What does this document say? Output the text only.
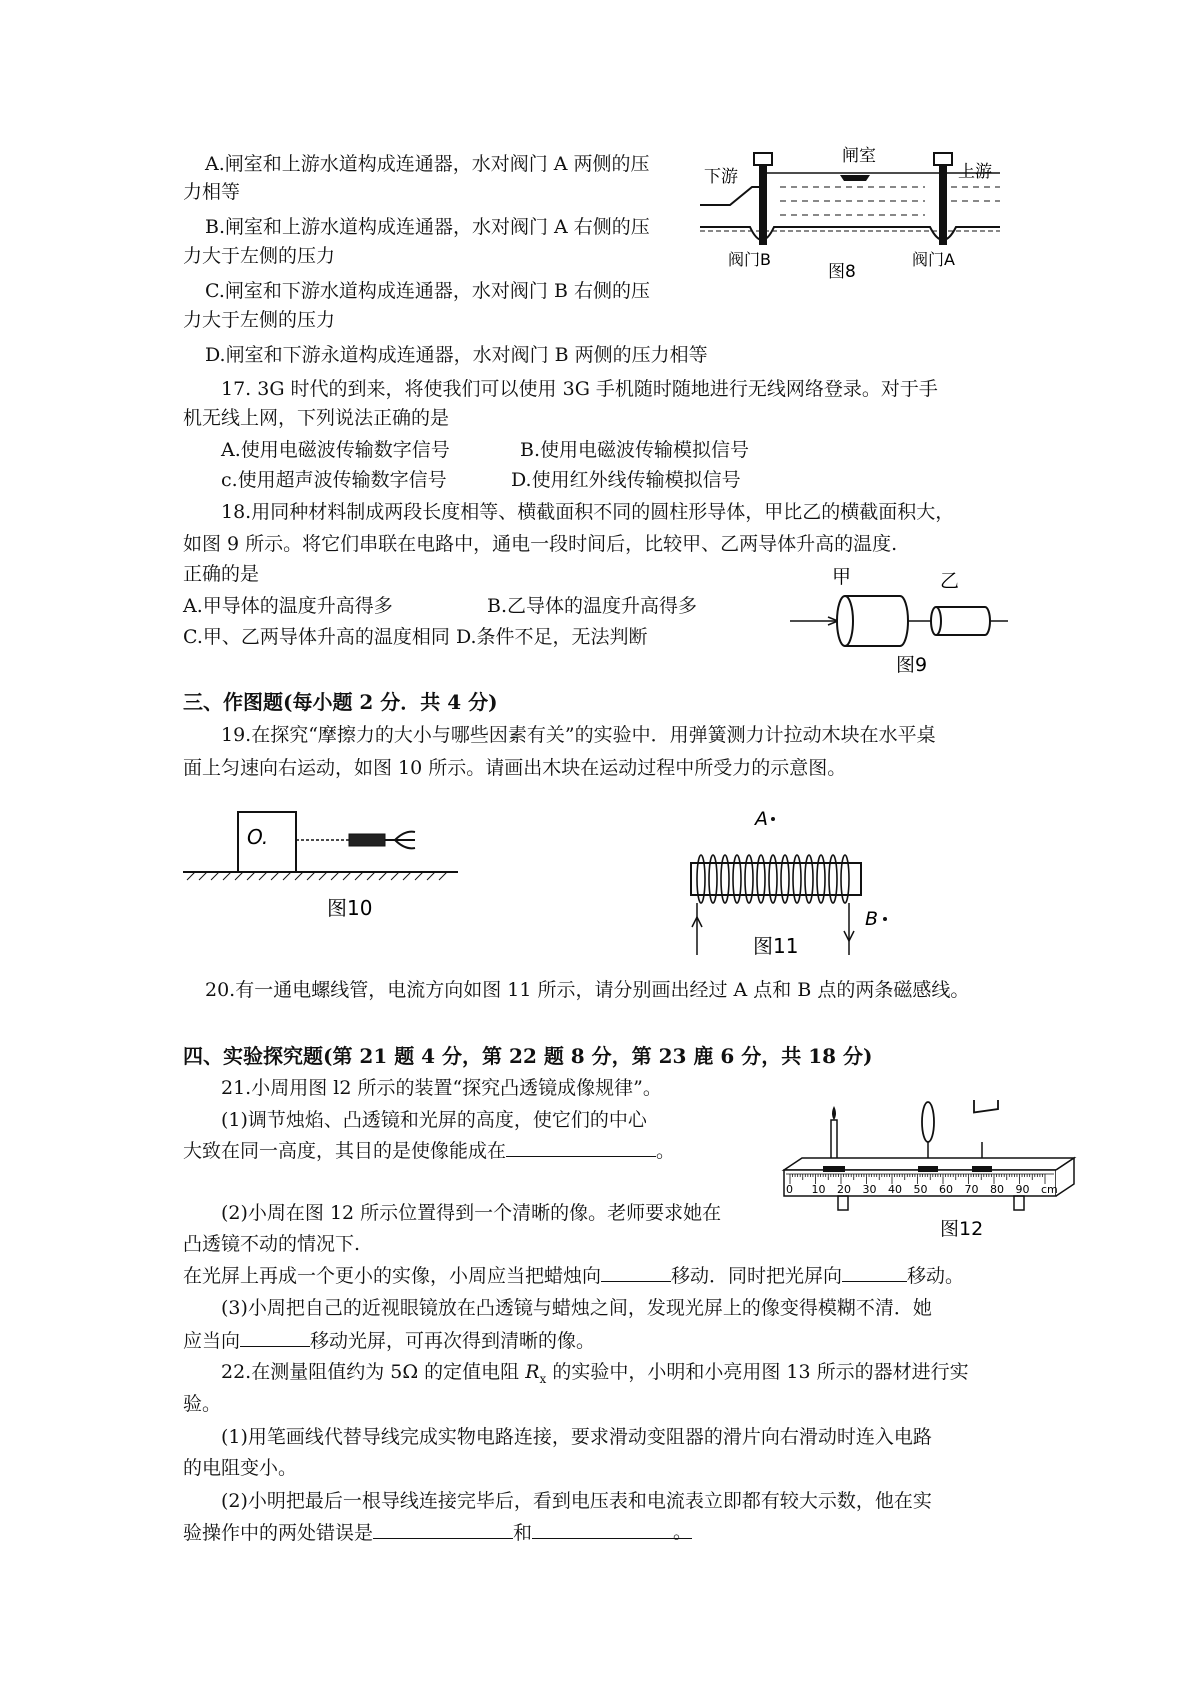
A.闸室和上游水道构成连通器，水对阀门 A 两侧的压
力相等
B.闸室和上游水道构成连通器，水对阀门 A 右侧的压
力大于左侧的压力
C.闸室和下游水道构成连通器，水对阀门 B 右侧的压
力大于左侧的压力
D.闸室和下游永道构成连通器，水对阀门 B 两侧的压力相等
闸室
下游	上游
阀门B
图8
阀门A
17. 3G 时代的到来，将使我们可以使用 3G 手机随时随地进行无线网络登录。对于手
机无线上网，下列说法正确的是
A.使用电磁波传输数字信号	B.使用电磁波传输模拟信号
c.使用超声波传输数字信号	D.使用红外线传输模拟信号
18.用同种材料制成两段长度相等、横截面积不同的圆柱形导体，甲比乙的横截面积大，
如图 9 所示。将它们串联在电路中，通电一段时间后，比较甲、乙两导体升高的温度.
正确的是
A.甲导体的温度升高得多	B.乙导体的温度升高得多
C.甲、乙两导体升高的温度相同 D.条件不足，无法判断
甲	乙
图9
三、作图题(每小题 2 分．共 4 分)
19.在探究“摩擦力的大小与哪些因素有关”的实验中．用弹簧测力计拉动木块在水平桌
面上匀速向右运动，如图 10 所示。请画出木块在运动过程中所受力的示意图。
O.
图10
A
B
图11
20.有一通电螺线管，电流方向如图 11 所示，请分别画出经过 A 点和 B 点的两条磁感线。
四、实验探究题(第 21 题 4 分，第 22 题 8 分，第 23 鹿 6 分，共 18 分)
21.小周用图 l2 所示的装置“探究凸透镜成像规律”。
(1)调节烛焰、凸透镜和光屏的高度，使它们的中心
大致在同一高度，其目的是使像能成在	。
(2)小周在图 12 所示位置得到一个清晰的像。老师要求她在
凸透镜不动的情况下.
在光屏上再成一个更小的实像，小周应当把蜡烛向	移动．同时把光屏向	移动。
(3)小周把自己的近视眼镜放在凸透镜与蜡烛之间，发现光屏上的像变得模糊不清．她
应当向	移动光屏，可再次得到清晰的像。
0 10 20 30 40 50 60 70 80 90 cm
图12
22.在测量阻值约为 5Ω 的定值电阻 $R_x$ 的实验中，小明和小亮用图 13 所示的器材进行实
验。
(1)用笔画线代替导线完成实物电路连接，要求滑动变阻器的滑片向右滑动时连入电路
的电阻变小。
(2)小明把最后一根导线连接完毕后，看到电压表和电流表立即都有较大示数，他在实
验操作中的两处错误是	和	。
